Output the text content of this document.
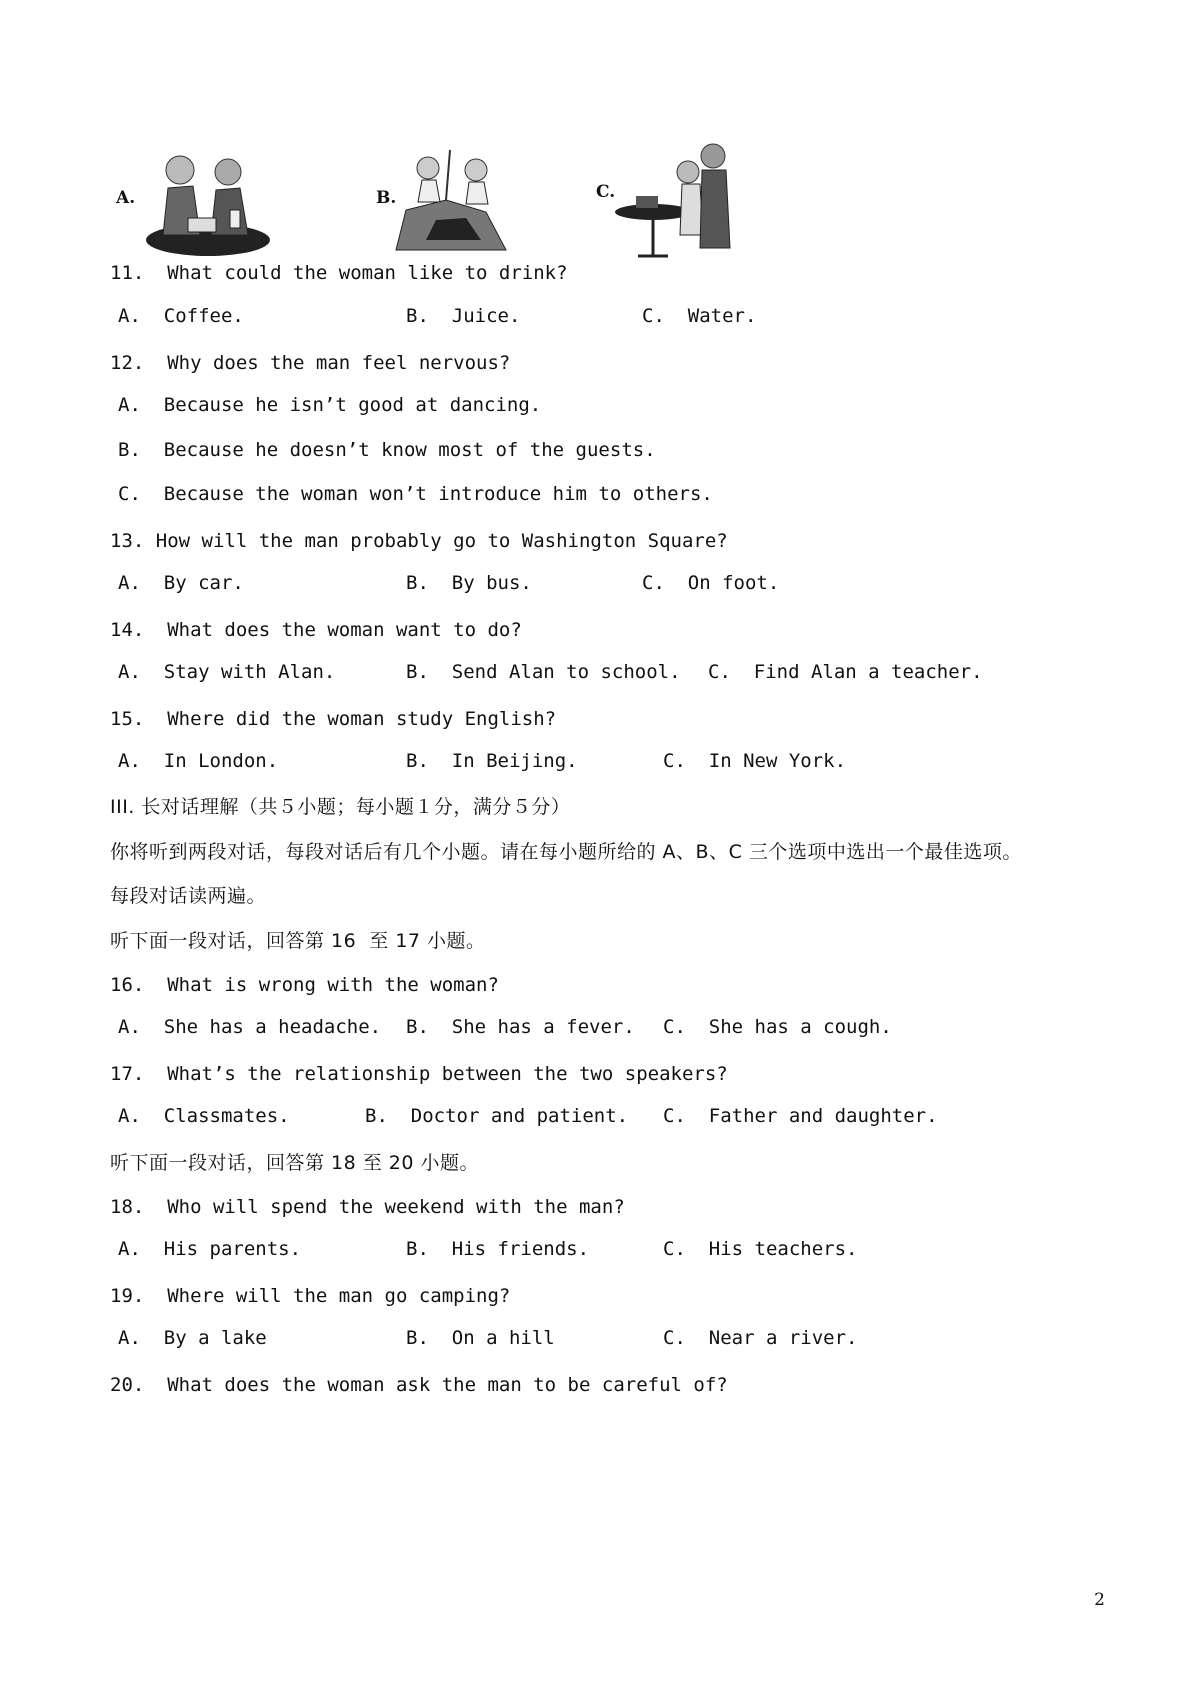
A.	B.	C.
11.  What could the woman like to drink?
A.  Coffee.	B.  Juice.	C.  Water.
12.  Why does the man feel nervous?
A.  Because he isn’t good at dancing.
B.  Because he doesn’t know most of the guests.
C.  Because the woman won’t introduce him to others.
13. How will the man probably go to Washington Square?
A.  By car.	B.  By bus.	C.  On foot.
14.  What does the woman want to do?
A.  Stay with Alan.	B.  Send Alan to school. C.  Find Alan a teacher.
15.  Where did the woman study English?
A.  In London.	B.  In Beijing.	C.  In New York.
III. 长对话理解（共５小题；每小题１分，满分５分）
你将听到两段对话，每段对话后有几个小题。请在每小题所给的 A、B、C 三个选项中选出一个最佳选项。
每段对话读两遍。
听下面一段对话，回答第 16  至 17 小题。
16.  What is wrong with the woman?
A.  She has a headache. B.  She has a fever. C.  She has a cough.
17.  What’s the relationship between the two speakers?
A.  Classmates.	B.  Doctor and patient. C.  Father and daughter.
听下面一段对话，回答第 18 至 20 小题。
18.  Who will spend the weekend with the man?
A.  His parents.	B.  His friends.	C.  His teachers.
19.  Where will the man go camping?
A.  By a lake	B.  On a hill	C.  Near a river.
20.  What does the woman ask the man to be careful of?
2
